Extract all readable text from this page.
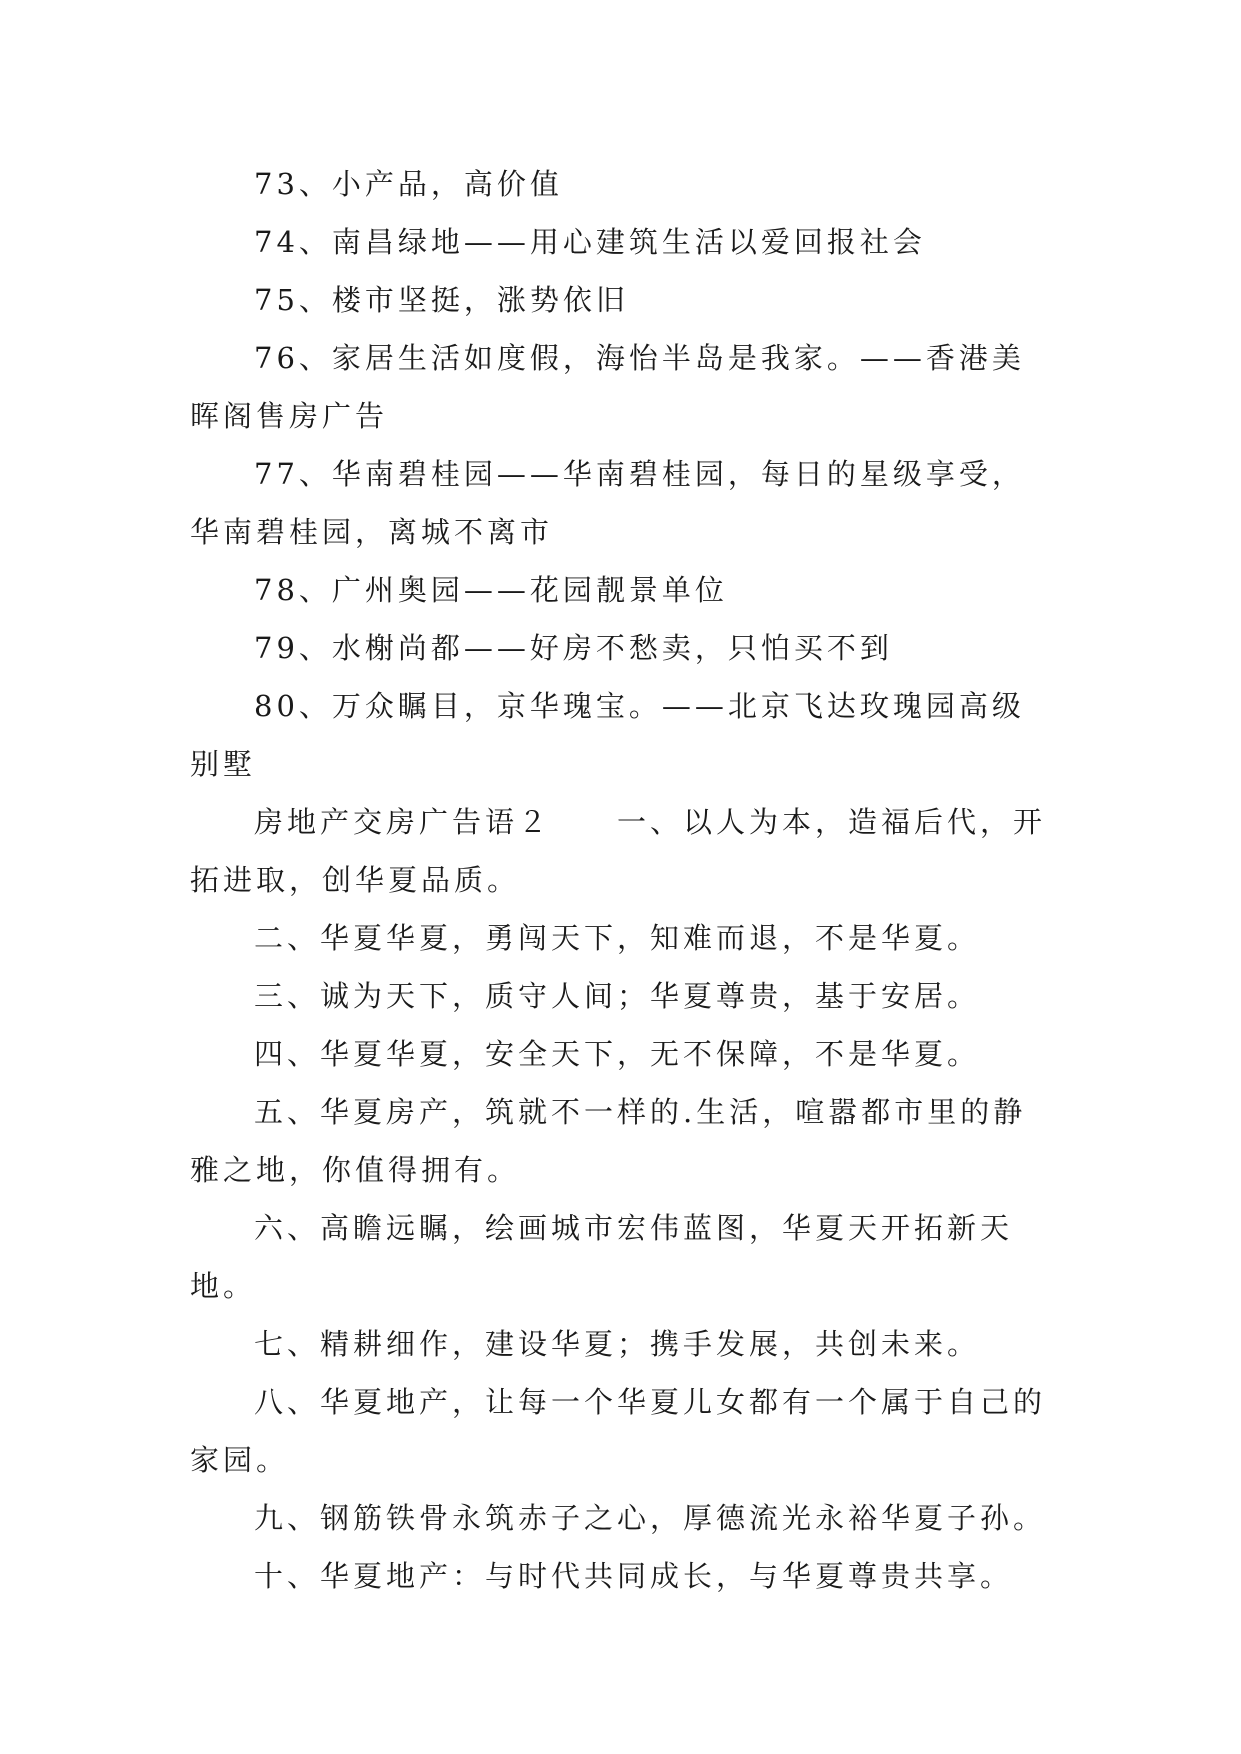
73、小产品，高价值

74、南昌绿地——用心建筑生活以爱回报社会

75、楼市坚挺，涨势依旧

76、家居生活如度假，海怡半岛是我家。——香港美晖阁售房广告

77、华南碧桂园——华南碧桂园，每日的星级享受，华南碧桂园，离城不离市

78、广州奥园——花园靓景单位

79、水榭尚都——好房不愁卖，只怕买不到

80、万众瞩目，京华瑰宝。——北京飞达玫瑰园高级别墅

房地产交房广告语２　　一、以人为本，造福后代，开拓进取，创华夏品质。

二、华夏华夏，勇闯天下，知难而退，不是华夏。

三、诚为天下，质守人间；华夏尊贵，基于安居。

四、华夏华夏，安全天下，无不保障，不是华夏。

五、华夏房产，筑就不一样的.生活，喧嚣都市里的静雅之地，你值得拥有。

六、高瞻远瞩，绘画城市宏伟蓝图，华夏天开拓新天地。

七、精耕细作，建设华夏；携手发展，共创未来。

八、华夏地产，让每一个华夏儿女都有一个属于自己的家园。

九、钢筋铁骨永筑赤子之心，厚德流光永裕华夏子孙。

十、华夏地产：与时代共同成长，与华夏尊贵共享。
